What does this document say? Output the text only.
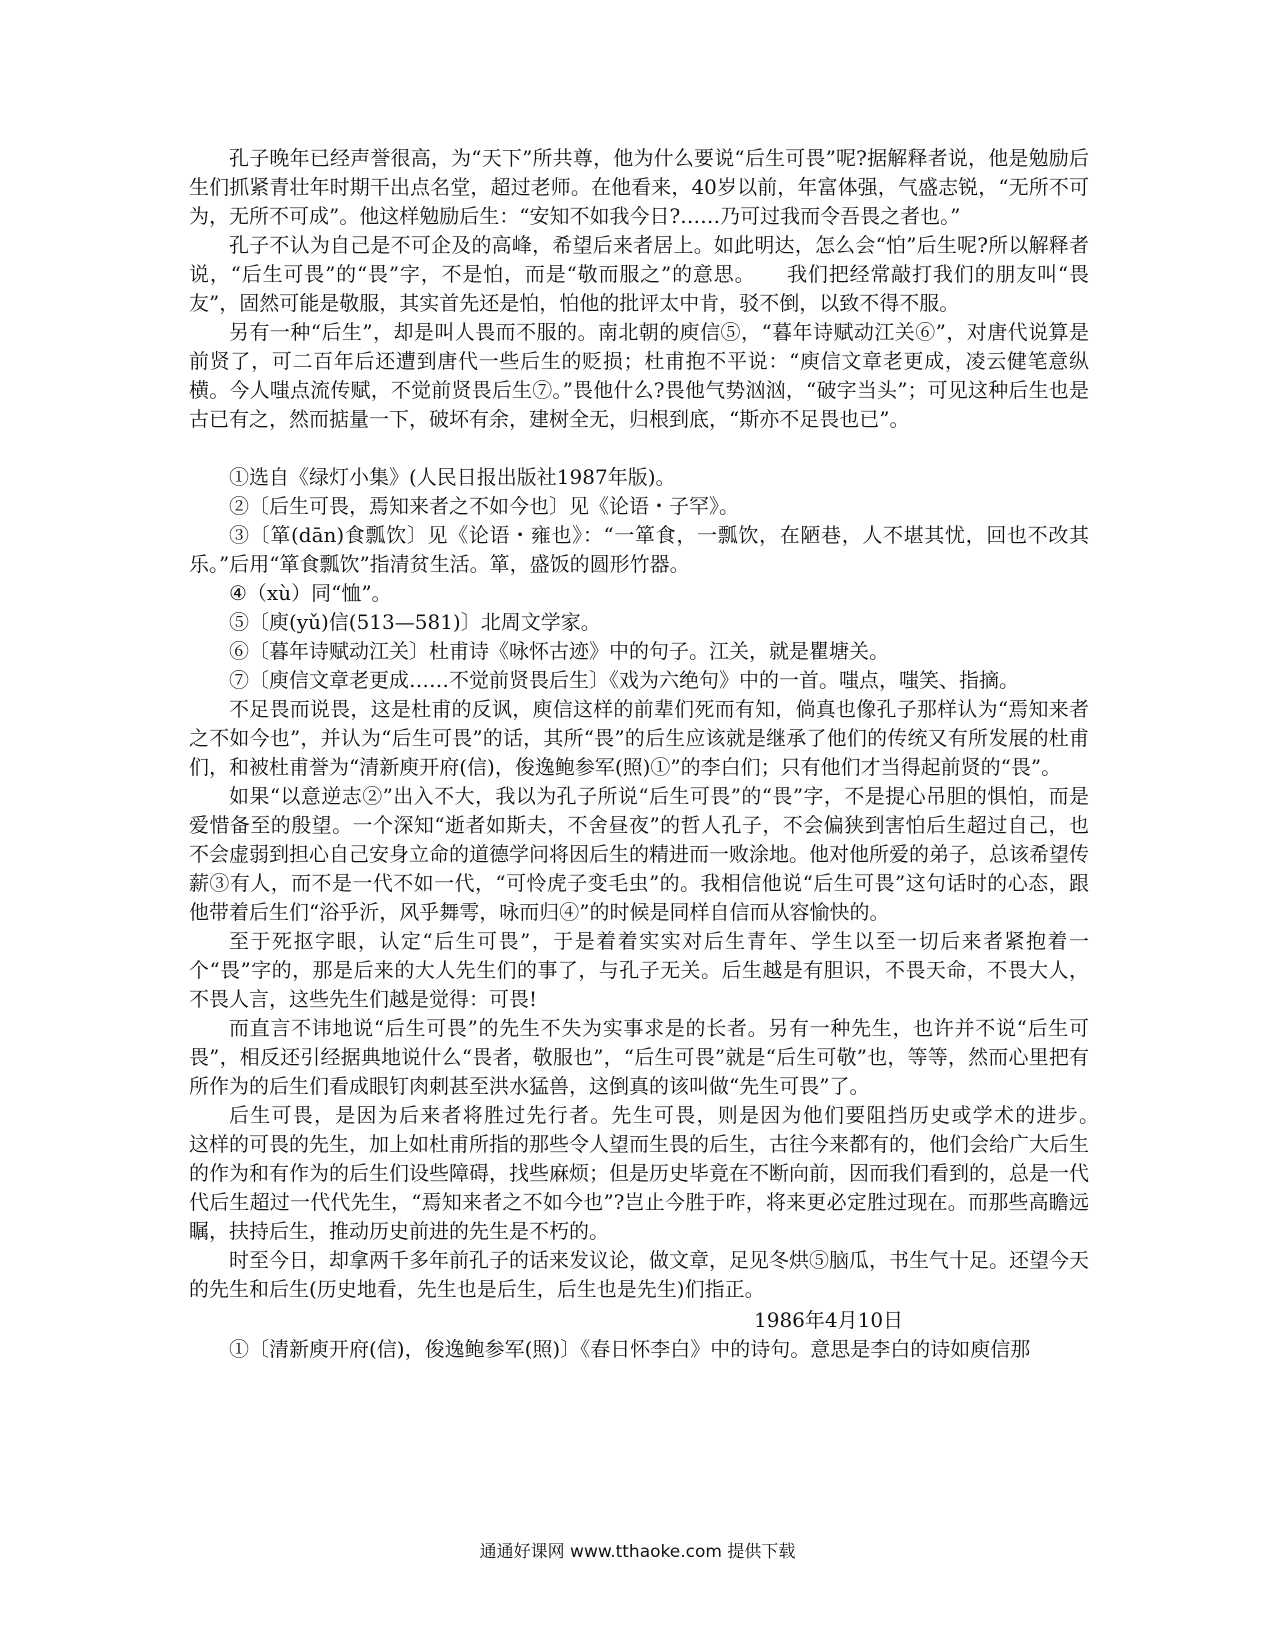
孔子晚年已经声誉很高，为“天下”所共尊，他为什么要说“后生可畏”呢?据解释者说，他是勉励后生们抓紧青壮年时期干出点名堂，超过老师。在他看来，40岁以前，年富体强，气盛志锐，“无所不可为，无所不可成”。他这样勉励后生：“安知不如我今日?……乃可过我而令吾畏之者也。”

孔子不认为自己是不可企及的高峰，希望后来者居上。如此明达，怎么会“怕”后生呢?所以解释者说，“后生可畏”的“畏”字，不是怕，而是“敬而服之”的意思。　　我们把经常敲打我们的朋友叫“畏友”，固然可能是敬服，其实首先还是怕，怕他的批评太中肯，驳不倒，以致不得不服。

另有一种“后生”，却是叫人畏而不服的。南北朝的庾信⑤，“暮年诗赋动江关⑥”，对唐代说算是前贤了，可二百年后还遭到唐代一些后生的贬损；杜甫抱不平说：“庾信文章老更成，凌云健笔意纵横。今人嗤点流传赋，不觉前贤畏后生⑦。”畏他什么?畏他气势汹汹，“破字当头”；可见这种后生也是古已有之，然而掂量一下，破坏有余，建树全无，归根到底，“斯亦不足畏也已”。

①选自《绿灯小集》(人民日报出版社1987年版)。

②〔后生可畏，焉知来者之不如今也〕见《论语・子罕》。

③〔箪(dān)食瓢饮〕见《论语・雍也》：“一箪食，一瓢饮，在陋巷，人不堪其忧，回也不改其乐。”后用“箪食瓢饮”指清贫生活。箪，盛饭的圆形竹器。

④（xù）同“恤”。

⑤〔庾(yǔ)信(513—581)〕北周文学家。

⑥〔暮年诗赋动江关〕杜甫诗《咏怀古迹》中的句子。江关，就是瞿塘关。

⑦〔庾信文章老更成……不觉前贤畏后生〕《戏为六绝句》中的一首。嗤点，嗤笑、指摘。

不足畏而说畏，这是杜甫的反讽，庾信这样的前辈们死而有知，倘真也像孔子那样认为“焉知来者之不如今也”，并认为“后生可畏”的话，其所“畏”的后生应该就是继承了他们的传统又有所发展的杜甫们，和被杜甫誉为“清新庾开府(信)，俊逸鲍参军(照)①”的李白们；只有他们才当得起前贤的“畏”。

如果“以意逆志②”出入不大，我以为孔子所说“后生可畏”的“畏”字，不是提心吊胆的惧怕，而是爱惜备至的殷望。一个深知“逝者如斯夫，不舍昼夜”的哲人孔子，不会偏狭到害怕后生超过自己，也不会虚弱到担心自己安身立命的道德学问将因后生的精进而一败涂地。他对他所爱的弟子，总该希望传薪③有人，而不是一代不如一代，“可怜虎子变毛虫”的。我相信他说“后生可畏”这句话时的心态，跟他带着后生们“浴乎沂，风乎舞雩，咏而归④”的时候是同样自信而从容愉快的。

至于死抠字眼，认定“后生可畏”，于是着着实实对后生青年、学生以至一切后来者紧抱着一个“畏”字的，那是后来的大人先生们的事了，与孔子无关。后生越是有胆识，不畏天命，不畏大人，不畏人言，这些先生们越是觉得：可畏!

而直言不讳地说“后生可畏”的先生不失为实事求是的长者。另有一种先生，也许并不说“后生可畏”，相反还引经据典地说什么“畏者，敬服也”，“后生可畏”就是“后生可敬”也，等等，然而心里把有所作为的后生们看成眼钉肉刺甚至洪水猛兽，这倒真的该叫做“先生可畏”了。

后生可畏，是因为后来者将胜过先行者。先生可畏，则是因为他们要阻挡历史或学术的进步。　　这样的可畏的先生，加上如杜甫所指的那些令人望而生畏的后生，古往今来都有的，他们会给广大后生的作为和有作为的后生们设些障碍，找些麻烦；但是历史毕竟在不断向前，因而我们看到的，总是一代代后生超过一代代先生，“焉知来者之不如今也”?岂止今胜于昨，将来更必定胜过现在。而那些高瞻远瞩，扶持后生，推动历史前进的先生是不朽的。

时至今日，却拿两千多年前孔子的话来发议论，做文章，足见冬烘⑤脑瓜，书生气十足。还望今天的先生和后生(历史地看，先生也是后生，后生也是先生)们指正。

1986年4月10日

①〔清新庾开府(信)，俊逸鲍参军(照)〕《春日怀李白》中的诗句。意思是李白的诗如庾信那

通通好课网 www.tthaoke.com 提供下载
